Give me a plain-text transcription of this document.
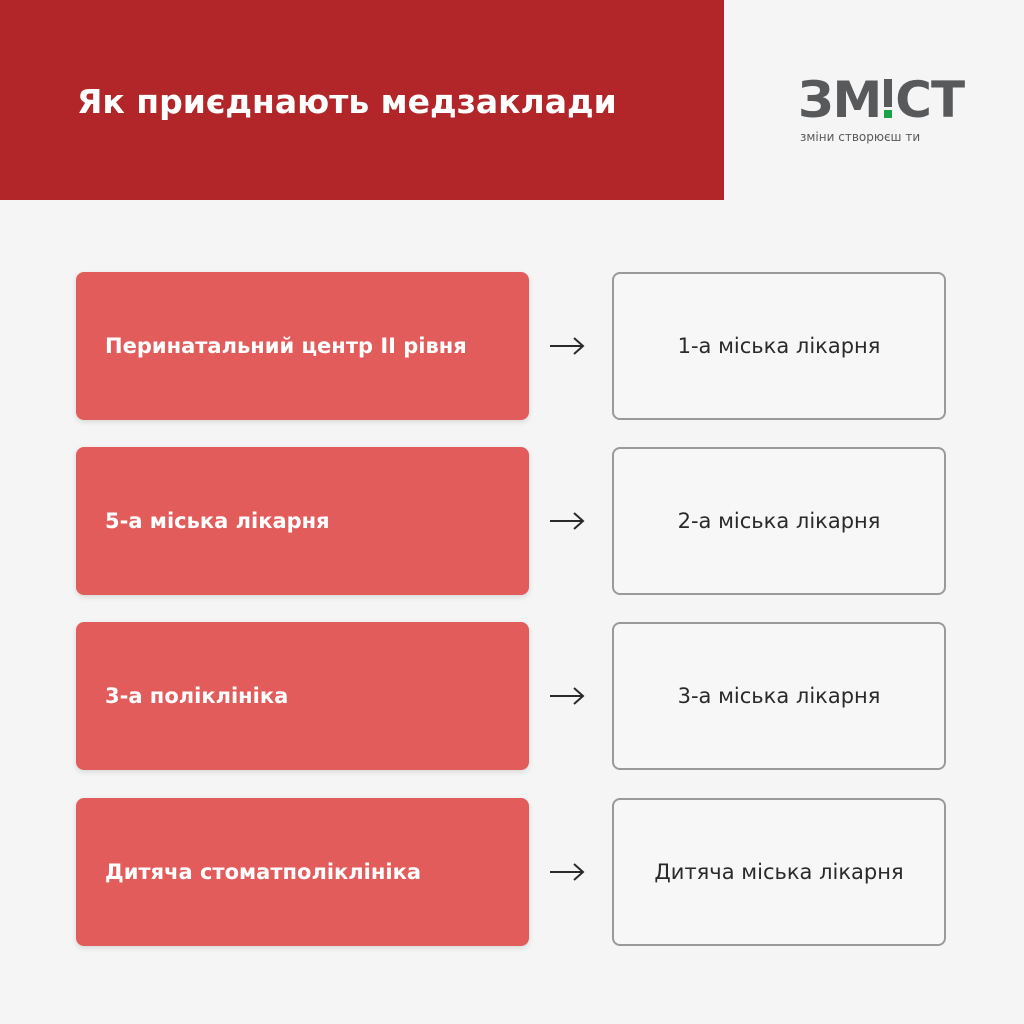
Як приєднають медзаклади	ЗМ СТ
зміни створюєш ти
Перинатальний центр ІІ рівня	1-а міська лікарня
5-а міська лікарня	2-а міська лікарня
3-а поліклініка	3-а міська лікарня
Дитяча стоматполіклініка	Дитяча міська лікарня
